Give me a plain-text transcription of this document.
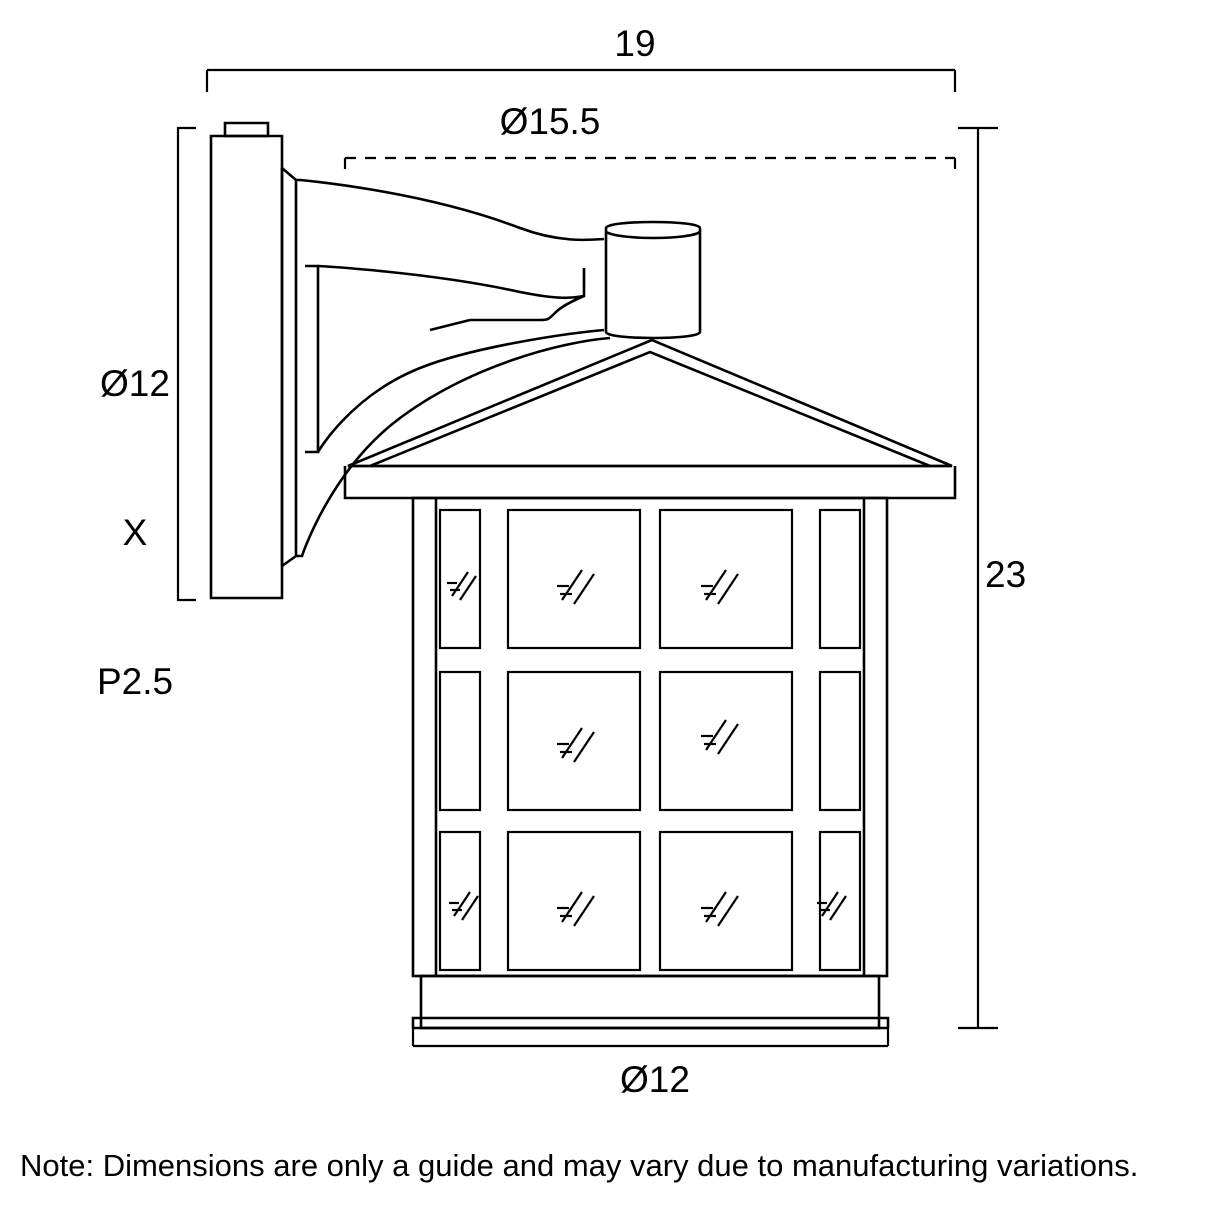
19
Ø15.5
23
Ø12

Ø12

X

P2.5

Note: Dimensions are only a guide and may vary due to manufacturing variations.
